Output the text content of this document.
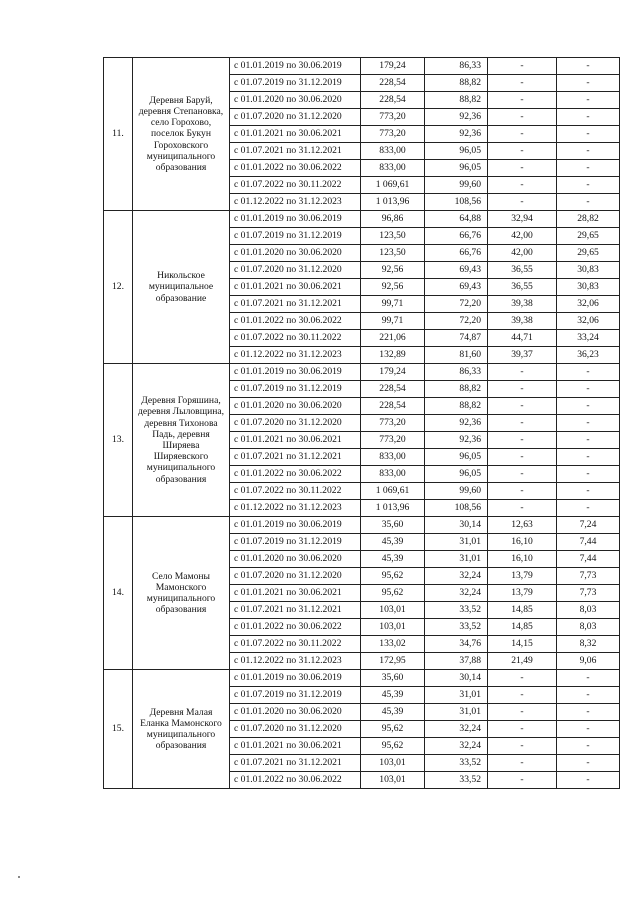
11.	Деревня Баруй, деревня Степановка, село Горохово, поселок Букун Гороховского муниципального образования	с 01.01.2019 по 30.06.2019	179,24	86,33	-	-
		с 01.07.2019 по 31.12.2019	228,54	88,82	-	-
		с 01.01.2020 по 30.06.2020	228,54	88,82	-	-
		с 01.07.2020 по 31.12.2020	773,20	92,36	-	-
		с 01.01.2021 по 30.06.2021	773,20	92,36	-	-
		с 01.07.2021 по 31.12.2021	833,00	96,05	-	-
		с 01.01.2022 по 30.06.2022	833,00	96,05	-	-
		с 01.07.2022 по 30.11.2022	1 069,61	99,60	-	-
		с 01.12.2022 по 31.12.2023	1 013,96	108,56	-	-
12.	Никольское муниципальное образование	с 01.01.2019 по 30.06.2019	96,86	64,88	32,94	28,82
		с 01.07.2019 по 31.12.2019	123,50	66,76	42,00	29,65
		с 01.01.2020 по 30.06.2020	123,50	66,76	42,00	29,65
		с 01.07.2020 по 31.12.2020	92,56	69,43	36,55	30,83
		с 01.01.2021 по 30.06.2021	92,56	69,43	36,55	30,83
		с 01.07.2021 по 31.12.2021	99,71	72,20	39,38	32,06
		с 01.01.2022 по 30.06.2022	99,71	72,20	39,38	32,06
		с 01.07.2022 по 30.11.2022	221,06	74,87	44,71	33,24
		с 01.12.2022 по 31.12.2023	132,89	81,60	39,37	36,23
13.	Деревня Горяшина, деревня Лыловщина, деревня Тихонова Падь, деревня Ширяева Ширяевского муниципального образования	с 01.01.2019 по 30.06.2019	179,24	86,33	-	-
		с 01.07.2019 по 31.12.2019	228,54	88,82	-	-
		с 01.01.2020 по 30.06.2020	228,54	88,82	-	-
		с 01.07.2020 по 31.12.2020	773,20	92,36	-	-
		с 01.01.2021 по 30.06.2021	773,20	92,36	-	-
		с 01.07.2021 по 31.12.2021	833,00	96,05	-	-
		с 01.01.2022 по 30.06.2022	833,00	96,05	-	-
		с 01.07.2022 по 30.11.2022	1 069,61	99,60	-	-
		с 01.12.2022 по 31.12.2023	1 013,96	108,56	-	-
14.	Село Мамоны Мамонского муниципального образования	с 01.01.2019 по 30.06.2019	35,60	30,14	12,63	7,24
		с 01.07.2019 по 31.12.2019	45,39	31,01	16,10	7,44
		с 01.01.2020 по 30.06.2020	45,39	31,01	16,10	7,44
		с 01.07.2020 по 31.12.2020	95,62	32,24	13,79	7,73
		с 01.01.2021 по 30.06.2021	95,62	32,24	13,79	7,73
		с 01.07.2021 по 31.12.2021	103,01	33,52	14,85	8,03
		с 01.01.2022 по 30.06.2022	103,01	33,52	14,85	8,03
		с 01.07.2022 по 30.11.2022	133,02	34,76	14,15	8,32
		с 01.12.2022 по 31.12.2023	172,95	37,88	21,49	9,06
15.	Деревня Малая Еланка Мамонского муниципального образования	с 01.01.2019 по 30.06.2019	35,60	30,14	-	-
		с 01.07.2019 по 31.12.2019	45,39	31,01	-	-
		с 01.01.2020 по 30.06.2020	45,39	31,01	-	-
		с 01.07.2020 по 31.12.2020	95,62	32,24	-	-
		с 01.01.2021 по 30.06.2021	95,62	32,24	-	-
		с 01.07.2021 по 31.12.2021	103,01	33,52	-	-
		с 01.01.2022 по 30.06.2022	103,01	33,52	-	-
